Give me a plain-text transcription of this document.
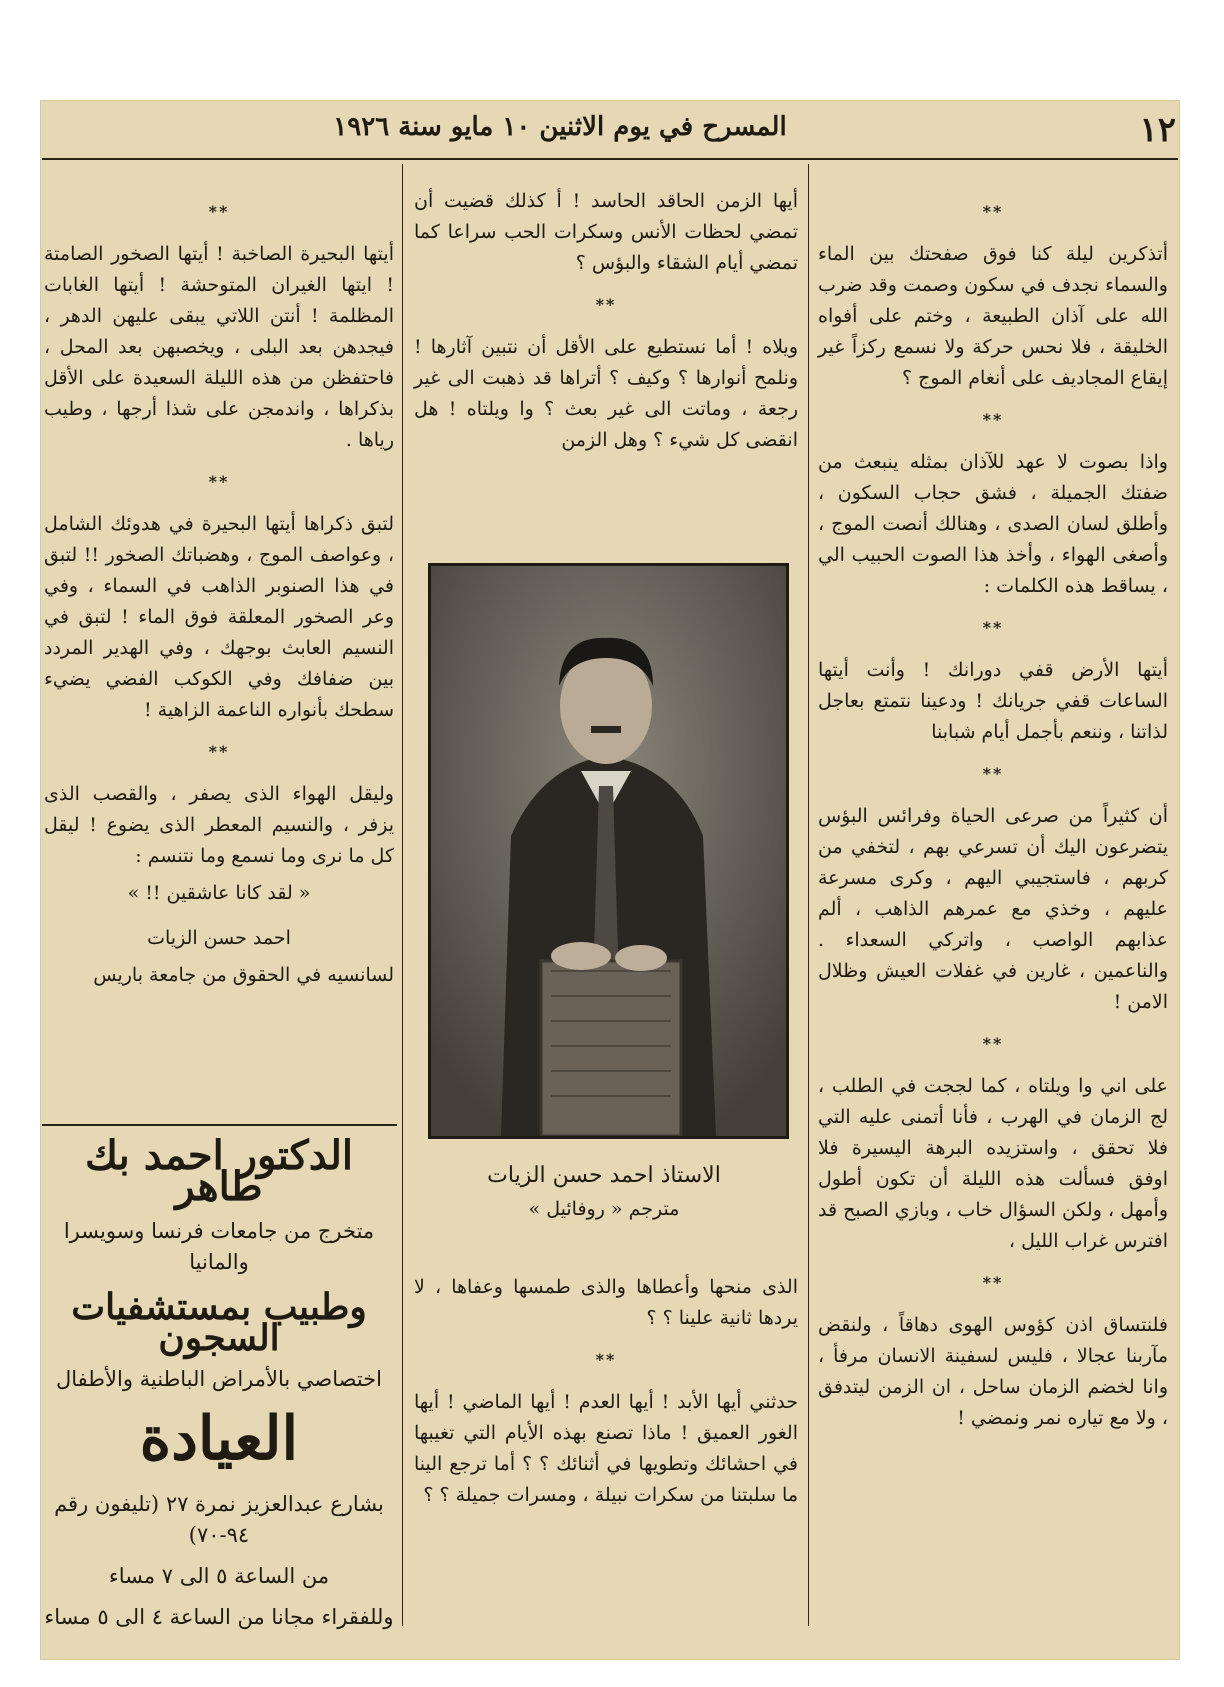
١٢
المسرح في يوم الاثنين ١٠ مايو سنة ١٩٢٦
**

أتذكرين ليلة كنا فوق صفحتك بين الماء والسماء نجدف في سكون وصمت وقد ضرب الله على آذان الطبيعة ، وختم على أفواه الخليقة ، فلا نحس حركة ولا نسمع ركزاً غير إيقاع المجاديف على أنغام الموج ؟

**

واذا بصوت لا عهد للآذان بمثله ينبعث من ضفتك الجميلة ، فشق حجاب السكون ، وأطلق لسان الصدى ، وهنالك أنصت الموج ، وأصغى الهواء ، وأخذ هذا الصوت الحبيب الي ، يساقط هذه الكلمات :

**

أيتها الأرض قفي دورانك ! وأنت أيتها الساعات قفي جريانك ! ودعينا نتمتع بعاجل لذاتنا ، وننعم بأجمل أيام شبابنا

**

أن كثيراً من صرعى الحياة وفرائس البؤس يتضرعون اليك أن تسرعي بهم ، لتخفي من كربهم ، فاستجيبي اليهم ، وكرى مسرعة عليهم ، وخذي مع عمرهم الذاهب ، ألم عذابهم الواصب ، واتركي السعداء . والناعمين ، غارين في غفلات العيش وظلال الامن !

**

على اني وا ويلتاه ، كما لججت في الطلب ، لج الزمان في الهرب ، فأنا أتمنى عليه التي فلا تحقق ، واستزيده البرهة اليسيرة فلا اوفق فسألت هذه الليلة أن تكون أطول وأمهل ، ولكن السؤال خاب ، وبازي الصبح قد افترس غراب الليل ،

**

فلنتساق اذن كؤوس الهوى دهاقاً ، ولنقض مآربنا عجالا ، فليس لسفينة الانسان مرفأ ، وانا لخضم الزمان ساحل ، ان الزمن ليتدفق ، ولا مع تياره نمر ونمضي !

أيها الزمن الحاقد الحاسد ! أ كذلك قضيت أن تمضي لحظات الأنس وسكرات الحب سراعا كما تمضي أيام الشقاء والبؤس ؟

**

ويلاه ! أما نستطيع على الأقل أن نتبين آثارها ! ونلمح أنوارها ؟ وكيف ؟ أتراها قد ذهبت الى غير رجعة ، وماتت الى غير بعث ؟ وا ويلتاه ! هل انقضى كل شيء ؟ وهل الزمن

الاستاذ احمد حسن الزيات
مترجم « روفائيل »

الذى منحها وأعطاها والذى طمسها وعفاها ، لا يردها ثانية علينا ؟ ؟

**

حدثني أيها الأبد ! أيها العدم ! أيها الماضي ! أيها الغور العميق ! ماذا تصنع بهذه الأيام التي تغيبها في احشائك وتطويها في أثنائك ؟ ؟ أما ترجع الينا ما سلبتنا من سكرات نبيلة ، ومسرات جميلة ؟ ؟

**

أيتها البحيرة الصاخبة ! أيتها الصخور الصامتة ! ايتها الغيران المتوحشة ! أيتها الغابات المظلمة ! أنتن اللاتي يبقى عليهن الدهر ، فيجدهن بعد البلى ، ويخصبهن بعد المحل ، فاحتفظن من هذه الليلة السعيدة على الأقل بذكراها ، واندمجن على شذا أرجها ، وطيب رياها .

**

لتبق ذكراها أيتها البحيرة في هدوئك الشامل ، وعواصف الموج ، وهضباتك الصخور !! لتبق في هذا الصنوبر الذاهب في السماء ، وفي وعر الصخور المعلقة فوق الماء ! لتبق في النسيم العابث بوجهك ، وفي الهدير المردد بين ضفافك وفي الكوكب الفضي يضيء سطحك بأنواره الناعمة الزاهية !

**

وليقل الهواء الذى يصفر ، والقصب الذى يزفر ، والنسيم المعطر الذى يضوع ! ليقل كل ما نرى وما نسمع وما نتنسم :

« لقد كانا عاشقين !! »

احمد حسن الزيات

لسانسيه في الحقوق من جامعة باريس

الدكتور احمد بك طاهر
متخرج من جامعات فرنسا وسويسرا والمانيا
وطبيب بمستشفيات السجون
اختصاصي بالأمراض الباطنية والأطفال
العيادة
بشارع عبدالعزيز نمرة ٢٧ (تليفون رقم ٩٤-٧٠)
من الساعة ٥ الى ٧ مساء
وللفقراء مجانا من الساعة ٤ الى ٥ مساء
